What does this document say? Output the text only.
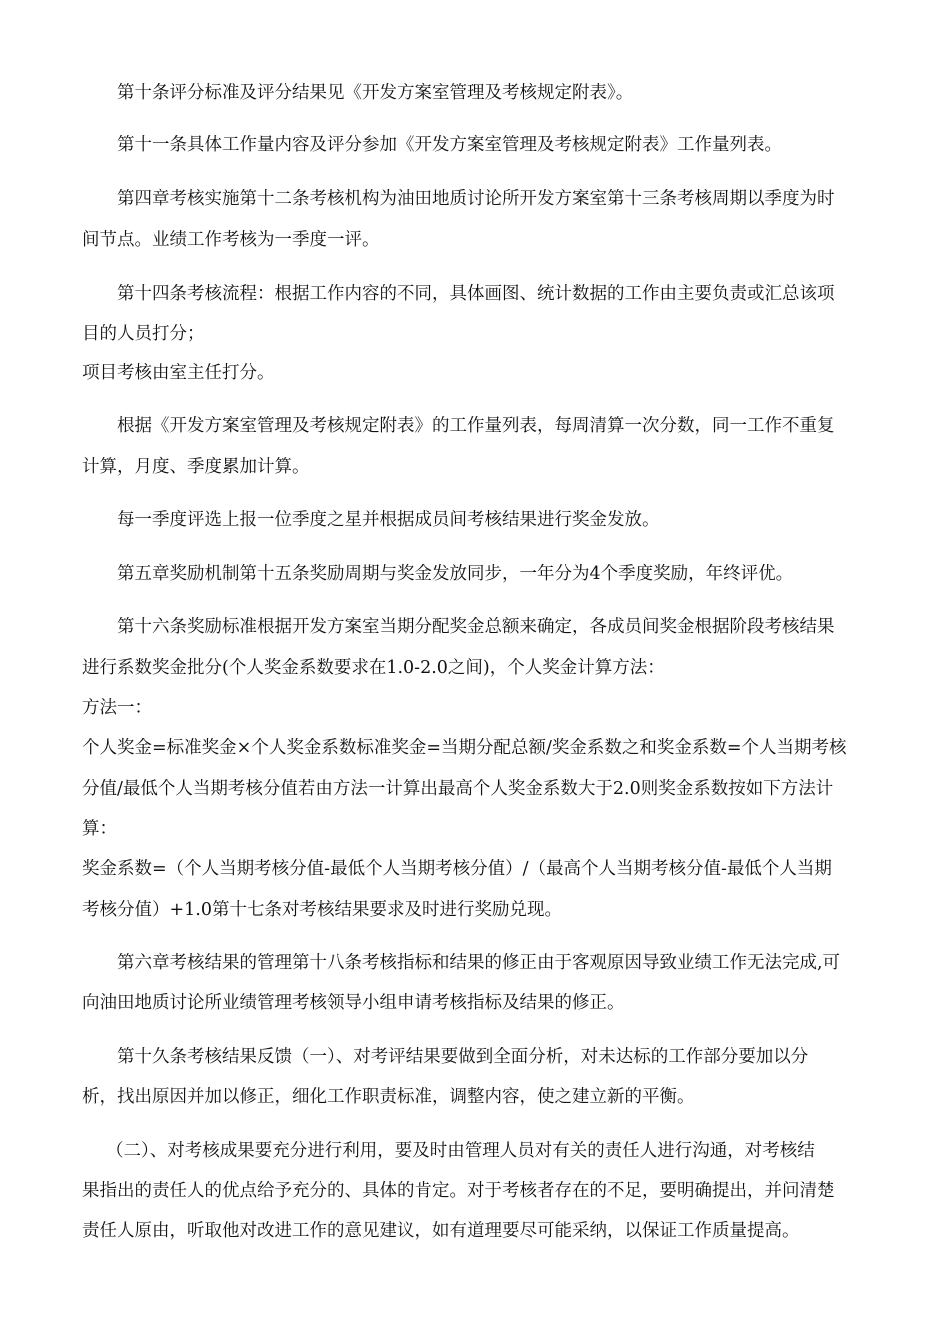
第十条评分标准及评分结果见《开发方案室管理及考核规定附表》。
第十一条具体工作量内容及评分参加《开发方案室管理及考核规定附表》工作量列表。
第四章考核实施第十二条考核机构为油田地质讨论所开发方案室第十三条考核周期以季度为时
间节点。业绩工作考核为一季度一评。
第十四条考核流程：根据工作内容的不同，具体画图、统计数据的工作由主要负责或汇总该项
目的人员打分；
项目考核由室主任打分。
根据《开发方案室管理及考核规定附表》的工作量列表，每周清算一次分数，同一工作不重复
计算，月度、季度累加计算。
每一季度评选上报一位季度之星并根据成员间考核结果进行奖金发放。
第五章奖励机制第十五条奖励周期与奖金发放同步，一年分为4个季度奖励，年终评优。
第十六条奖励标准根据开发方案室当期分配奖金总额来确定，各成员间奖金根据阶段考核结果
进行系数奖金批分(个人奖金系数要求在1.0-2.0之间)，个人奖金计算方法：
方法一：
个人奖金=标准奖金×个人奖金系数标准奖金=当期分配总额/奖金系数之和奖金系数=个人当期考核
分值/最低个人当期考核分值若由方法一计算出最高个人奖金系数大于2.0则奖金系数按如下方法计
算：
奖金系数=（个人当期考核分值-最低个人当期考核分值）/（最高个人当期考核分值-最低个人当期
考核分值）+1.0第十七条对考核结果要求及时进行奖励兑现。
第六章考核结果的管理第十八条考核指标和结果的修正由于客观原因导致业绩工作无法完成,可
向油田地质讨论所业绩管理考核领导小组申请考核指标及结果的修正。
第十久条考核结果反馈（一）、对考评结果要做到全面分析，对未达标的工作部分要加以分
析，找出原因并加以修正，细化工作职责标准，调整内容，使之建立新的平衡。
（二）、对考核成果要充分进行利用，要及时由管理人员对有关的责任人进行沟通，对考核结
果指出的责任人的优点给予充分的、具体的肯定。对于考核者存在的不足，要明确提出，并问清楚
责任人原由，听取他对改进工作的意见建议，如有道理要尽可能采纳，以保证工作质量提高。
